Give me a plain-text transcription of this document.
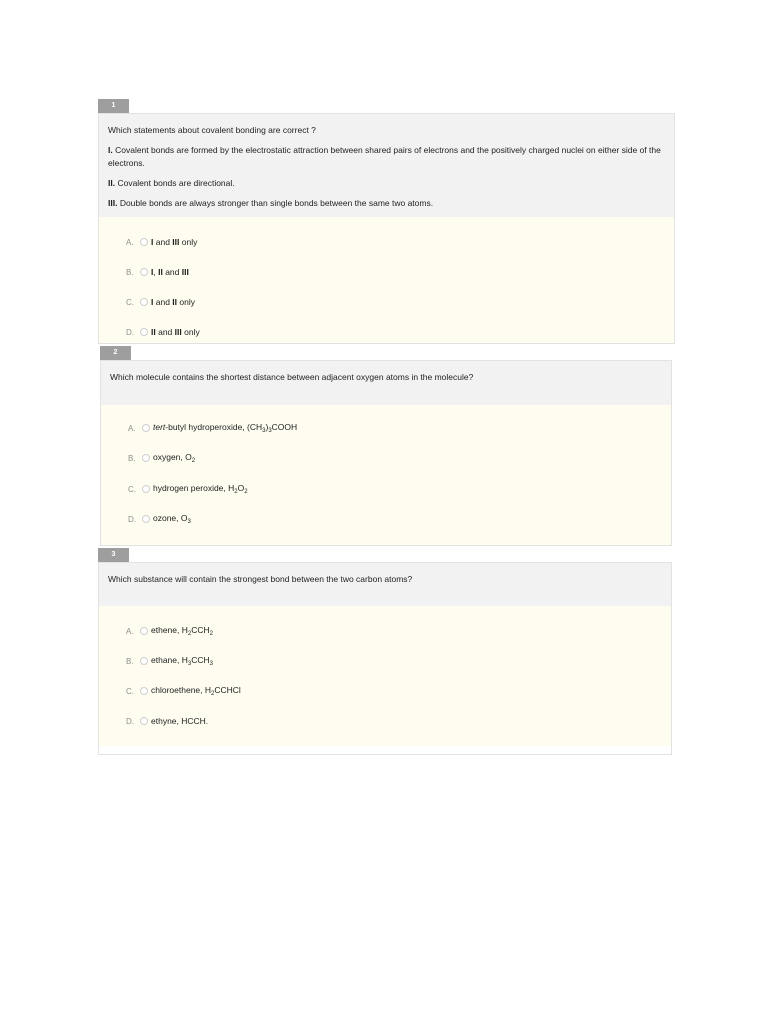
1

Which statements about covalent bonding are correct ?

I. Covalent bonds are formed by the electrostatic attraction between shared pairs of electrons and the positively charged nuclei on either side of the electrons.

II. Covalent bonds are directional.

III. Double bonds are always stronger than single bonds between the same two atoms.

A.	I and III only
B.	I, II and III
C.	I and II only
D.	II and III only
2

Which molecule contains the shortest distance between adjacent oxygen atoms in the molecule?

A.	tert-butyl hydroperoxide, $(CH_3)_3COOH$
B.	oxygen, $O_2$
C.	hydrogen peroxide, $H_2O_2$
D.	ozone, $O_3$
3

Which substance will contain the strongest bond between the two carbon atoms?

A.	ethene, $H_2CCH_2$
B.	ethane, $H_3CCH_3$
C.	chloroethene, $H_2CCHCl$
D.	ethyne, HCCH.
